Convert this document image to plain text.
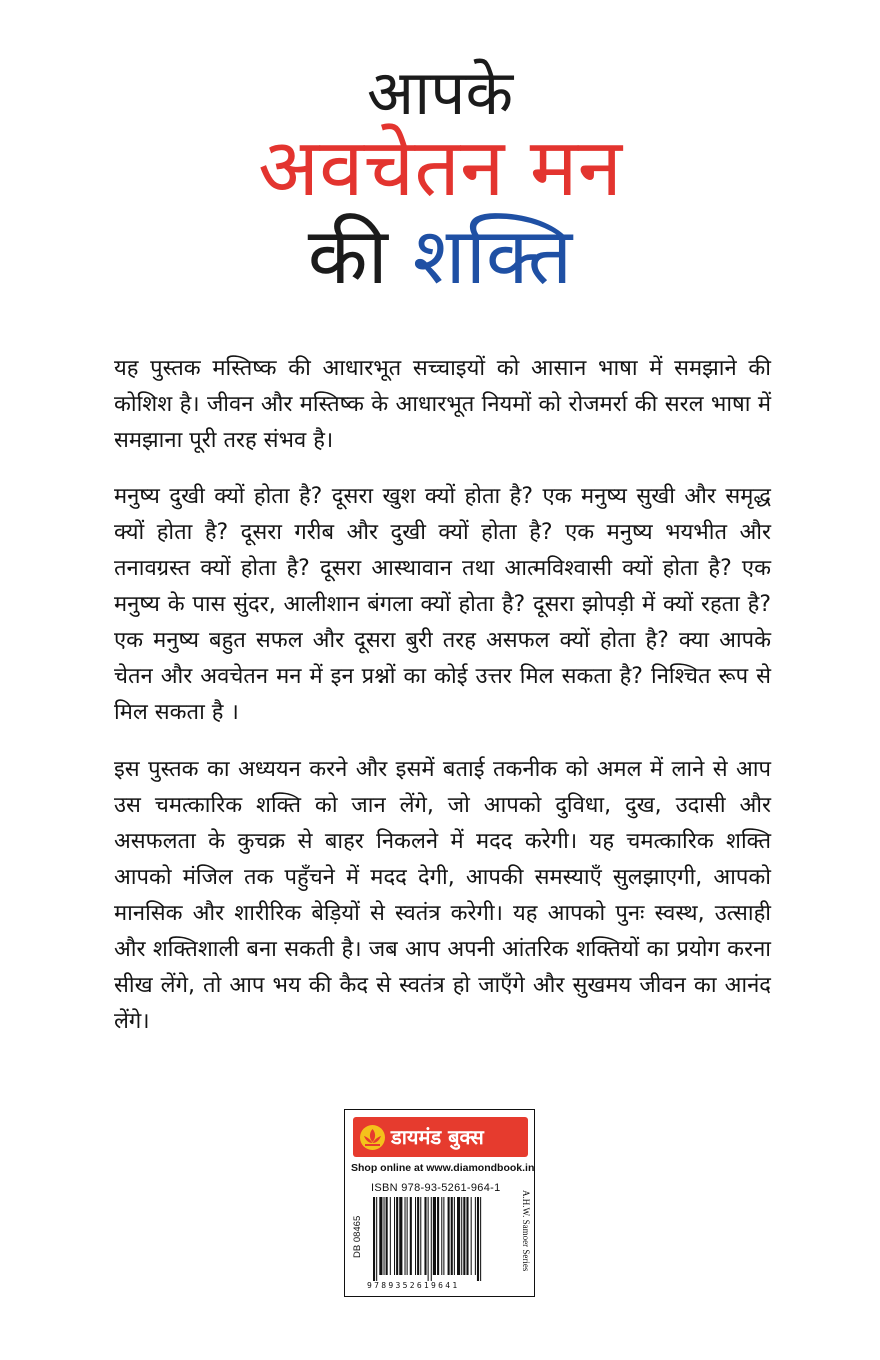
आपके
अवचेतन मन
की शक्ति

यह पुस्तक मस्तिष्क की आधारभूत सच्चाइयों को आसान भाषा में समझाने की कोशिश है। जीवन और मस्तिष्क के आधारभूत नियमों को रोजमर्रा की सरल भाषा में समझाना पूरी तरह संभव है।

मनुष्य दुखी क्यों होता है? दूसरा खुश क्यों होता है? एक मनुष्य सुखी और समृद्ध क्यों होता है? दूसरा गरीब और दुखी क्यों होता है? एक मनुष्य भयभीत और तनावग्रस्त क्यों होता है? दूसरा आस्थावान तथा आत्मविश्वासी क्यों होता है? एक मनुष्य के पास सुंदर, आलीशान बंगला क्यों होता है? दूसरा झोपड़ी में क्यों रहता है? एक मनुष्य बहुत सफल और दूसरा बुरी तरह असफल क्यों होता है? क्या आपके चेतन और अवचेतन मन में इन प्रश्नों का कोई उत्तर मिल सकता है? निश्चित रूप से मिल सकता है ।

इस पुस्तक का अध्ययन करने और इसमें बताई तकनीक को अमल में लाने से आप उस चमत्कारिक शक्ति को जान लेंगे, जो आपको दुविधा, दुख, उदासी और असफलता के कुचक्र से बाहर निकलने में मदद करेगी। यह चमत्कारिक शक्ति आपको मंजिल तक पहुँचने में मदद देगी, आपकी समस्याएँ सुलझाएगी, आपको मानसिक और शारीरिक बेड़ियों से स्वतंत्र करेगी। यह आपको पुनः स्वस्थ, उत्साही और शक्तिशाली बना सकती है। जब आप अपनी आंतरिक शक्तियों का प्रयोग करना सीख लेंगे, तो आप भय की कैद से स्वतंत्र हो जाएँगे और सुखमय जीवन का आनंद लेंगे।

डायमंड बुक्स
Shop online at www.diamondbook.in
ISBN 978-93-5261-964-1
DB 08465	A.H.W. Samoer Series
9789352619641
